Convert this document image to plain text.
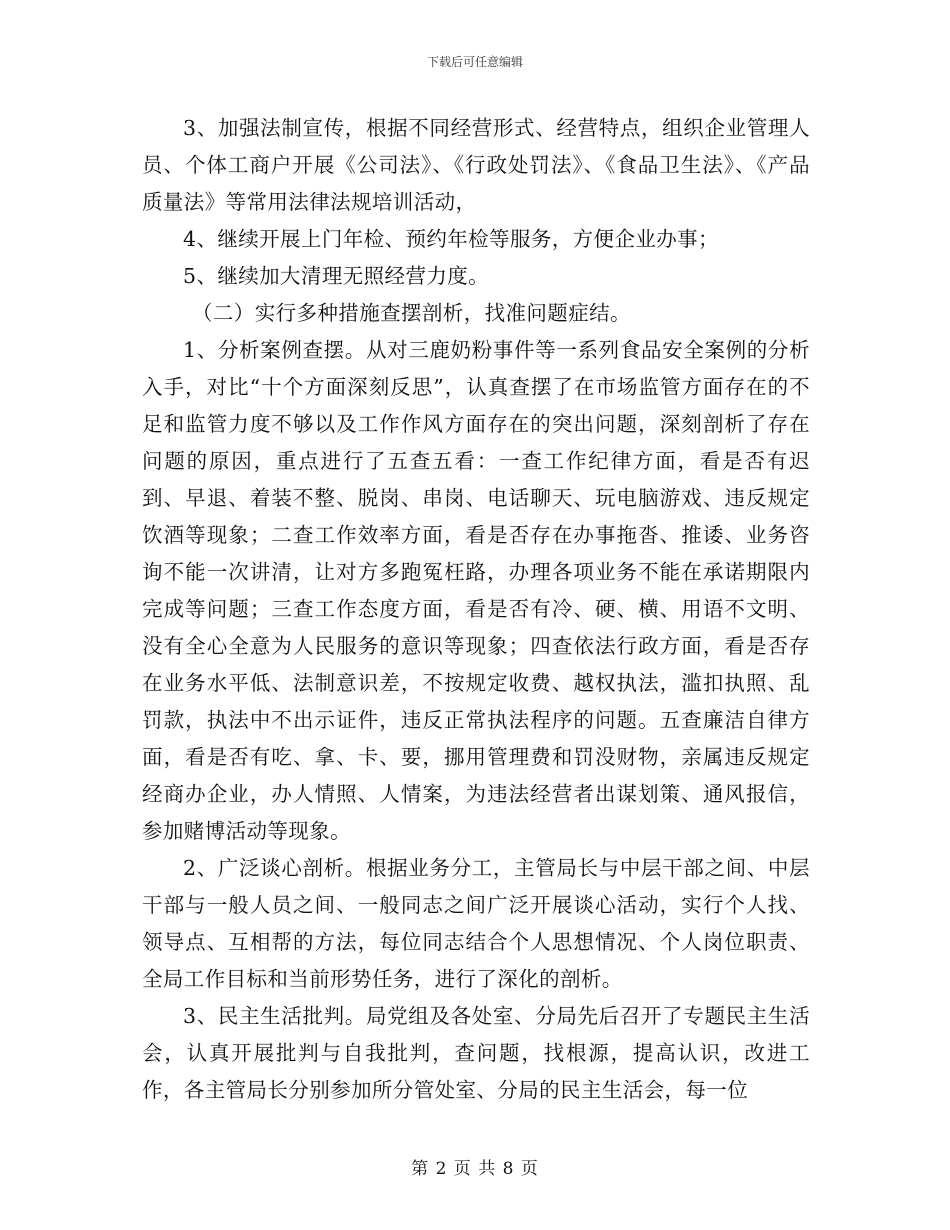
下载后可任意编辑

3、加强法制宣传，根据不同经营形式、经营特点，组织企业管理人员、个体工商户开展《公司法》、《行政处罚法》、《食品卫生法》、《产品质量法》等常用法律法规培训活动，

4、继续开展上门年检、预约年检等服务，方便企业办事；

5、继续加大清理无照经营力度。

（二）实行多种措施查摆剖析，找准问题症结。

1、分析案例查摆。从对三鹿奶粉事件等一系列食品安全案例的分析入手，对比“十个方面深刻反思”，认真查摆了在市场监管方面存在的不足和监管力度不够以及工作作风方面存在的突出问题，深刻剖析了存在问题的原因，重点进行了五查五看：一查工作纪律方面，看是否有迟到、早退、着装不整、脱岗、串岗、电话聊天、玩电脑游戏、违反规定饮酒等现象；二查工作效率方面，看是否存在办事拖沓、推诿、业务咨询不能一次讲清，让对方多跑冤枉路，办理各项业务不能在承诺期限内完成等问题；三查工作态度方面，看是否有冷、硬、横、用语不文明、没有全心全意为人民服务的意识等现象；四查依法行政方面，看是否存在业务水平低、法制意识差，不按规定收费、越权执法，滥扣执照、乱罚款，执法中不出示证件，违反正常执法程序的问题。五查廉洁自律方面，看是否有吃、拿、卡、要，挪用管理费和罚没财物，亲属违反规定经商办企业，办人情照、人情案，为违法经营者出谋划策、通风报信，参加赌博活动等现象。

2、广泛谈心剖析。根据业务分工，主管局长与中层干部之间、中层干部与一般人员之间、一般同志之间广泛开展谈心活动，实行个人找、领导点、互相帮的方法，每位同志结合个人思想情况、个人岗位职责、全局工作目标和当前形势任务，进行了深化的剖析。

3、民主生活批判。局党组及各处室、分局先后召开了专题民主生活会，认真开展批判与自我批判，查问题，找根源，提高认识，改进工作，各主管局长分别参加所分管处室、分局的民主生活会，每一位

第 2 页 共 8 页
